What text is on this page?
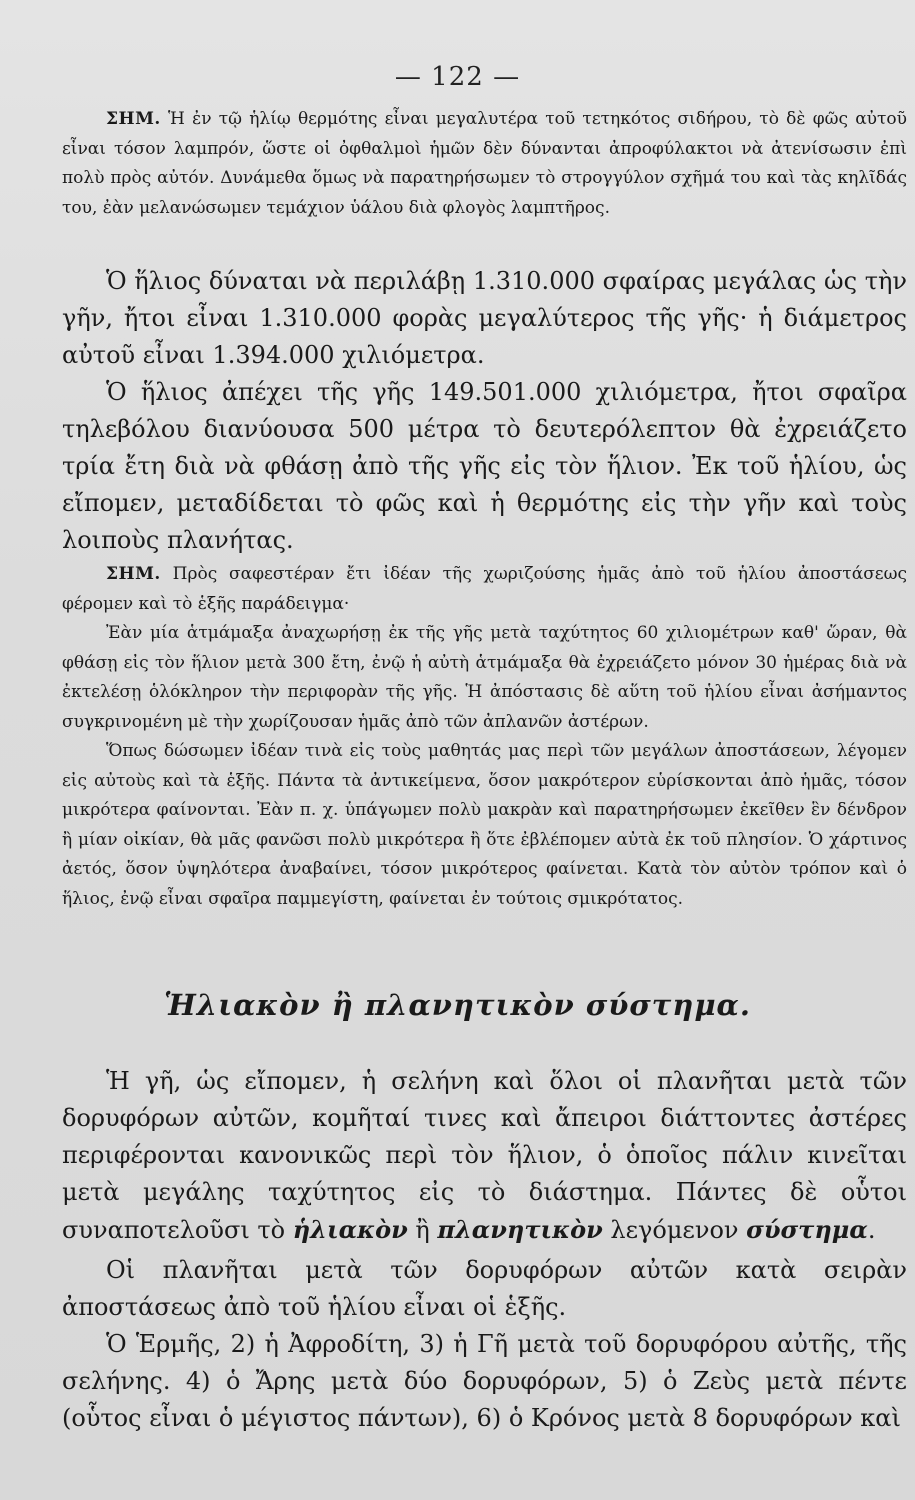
— 122 —

ΣΗΜ. Ἡ ἐν τῷ ἡλίῳ θερμότης εἶναι μεγαλυτέρα τοῦ τετηκότος σιδήρου, τὸ δὲ φῶς αὐτοῦ εἶναι τόσον λαμπρόν, ὥστε οἱ ὀφθαλμοὶ ἡμῶν δὲν δύνανται ἀπροφύλακτοι νὰ ἀτενίσωσιν ἐπὶ πολὺ πρὸς αὐτόν. Δυνάμεθα ὅμως νὰ παρατηρήσωμεν τὸ στρογγύλον σχῆμά του καὶ τὰς κηλῖδάς του, ἐὰν μελανώσωμεν τεμάχιον ὑάλου διὰ φλογὸς λαμπτῆρος.

Ὁ ἥλιος δύναται νὰ περιλάβῃ 1.310.000 σφαίρας μεγάλας ὡς τὴν γῆν, ἤτοι εἶναι 1.310.000 φορὰς μεγαλύτερος τῆς γῆς· ἡ διάμετρος αὐτοῦ εἶναι 1.394.000 χιλιόμετρα.

Ὁ ἥλιος ἀπέχει τῆς γῆς 149.501.000 χιλιόμετρα, ἤτοι σφαῖρα τηλεβόλου διανύουσα 500 μέτρα τὸ δευτερόλεπτον θὰ ἐχρειάζετο τρία ἔτη διὰ νὰ φθάσῃ ἀπὸ τῆς γῆς εἰς τὸν ἥλιον. Ἐκ τοῦ ἡλίου, ὡς εἴπομεν, μεταδίδεται τὸ φῶς καὶ ἡ θερμότης εἰς τὴν γῆν καὶ τοὺς λοιποὺς πλανήτας.

ΣΗΜ. Πρὸς σαφεστέραν ἔτι ἰδέαν τῆς χωριζούσης ἡμᾶς ἀπὸ τοῦ ἡλίου ἀποστάσεως φέρομεν καὶ τὸ ἑξῆς παράδειγμα·

Ἐὰν μία ἁτμάμαξα ἀναχωρήσῃ ἐκ τῆς γῆς μετὰ ταχύτητος 60 χιλιομέτρων καθ' ὥραν, θὰ φθάσῃ εἰς τὸν ἥλιον μετὰ 300 ἔτη, ἐνῷ ἡ αὐτὴ ἁτμάμαξα θὰ ἐχρειάζετο μόνον 30 ἡμέρας διὰ νὰ ἐκτελέσῃ ὁλόκληρον τὴν περιφορὰν τῆς γῆς. Ἡ ἀπόστασις δὲ αὕτη τοῦ ἡλίου εἶναι ἀσήμαντος συγκρινομένη μὲ τὴν χωρίζουσαν ἡμᾶς ἀπὸ τῶν ἀπλανῶν ἀστέρων.

Ὅπως δώσωμεν ἰδέαν τινὰ εἰς τοὺς μαθητάς μας περὶ τῶν μεγάλων ἀποστάσεων, λέγομεν εἰς αὐτοὺς καὶ τὰ ἑξῆς. Πάντα τὰ ἀντικείμενα, ὅσον μακρότερον εὑρίσκονται ἀπὸ ἡμᾶς, τόσον μικρότερα φαίνονται. Ἐὰν π. χ. ὑπάγωμεν πολὺ μακρὰν καὶ παρατηρήσωμεν ἐκεῖθεν ἓν δένδρον ἢ μίαν οἰκίαν, θὰ μᾶς φανῶσι πολὺ μικρότερα ἢ ὅτε ἐβλέπομεν αὐτὰ ἐκ τοῦ πλησίον. Ὁ χάρτινος ἀετός, ὅσον ὑψηλότερα ἀναβαίνει, τόσον μικρότερος φαίνεται. Κατὰ τὸν αὐτὸν τρόπον καὶ ὁ ἥλιος, ἐνῷ εἶναι σφαῖρα παμμεγίστη, φαίνεται ἐν τούτοις σμικρότατος.

Ἡλιακὸν ἢ πλανητικὸν σύστημα.

Ἡ γῆ, ὡς εἴπομεν, ἡ σελήνη καὶ ὅλοι οἱ πλανῆται μετὰ τῶν δορυφόρων αὐτῶν, κομῆταί τινες καὶ ἄπειροι διάττοντες ἀστέρες περιφέρονται κανονικῶς περὶ τὸν ἥλιον, ὁ ὁποῖος πάλιν κινεῖται μετὰ μεγάλης ταχύτητος εἰς τὸ διάστημα. Πάντες δὲ οὗτοι συναποτελοῦσι τὸ ἡλιακὸν ἢ πλανητικὸν λεγόμενον σύστημα.

Οἱ πλανῆται μετὰ τῶν δορυφόρων αὐτῶν κατὰ σειρὰν ἀποστάσεως ἀπὸ τοῦ ἡλίου εἶναι οἱ ἑξῆς.

Ὁ Ἑρμῆς, 2) ἡ Ἀφροδίτη, 3) ἡ Γῆ μετὰ τοῦ δορυφόρου αὐτῆς, τῆς σελήνης. 4) ὁ Ἄρης μετὰ δύο δορυφόρων, 5) ὁ Ζεὺς μετὰ πέντε (οὗτος εἶναι ὁ μέγιστος πάντων), 6) ὁ Κρόνος μετὰ 8 δορυφόρων καὶ
